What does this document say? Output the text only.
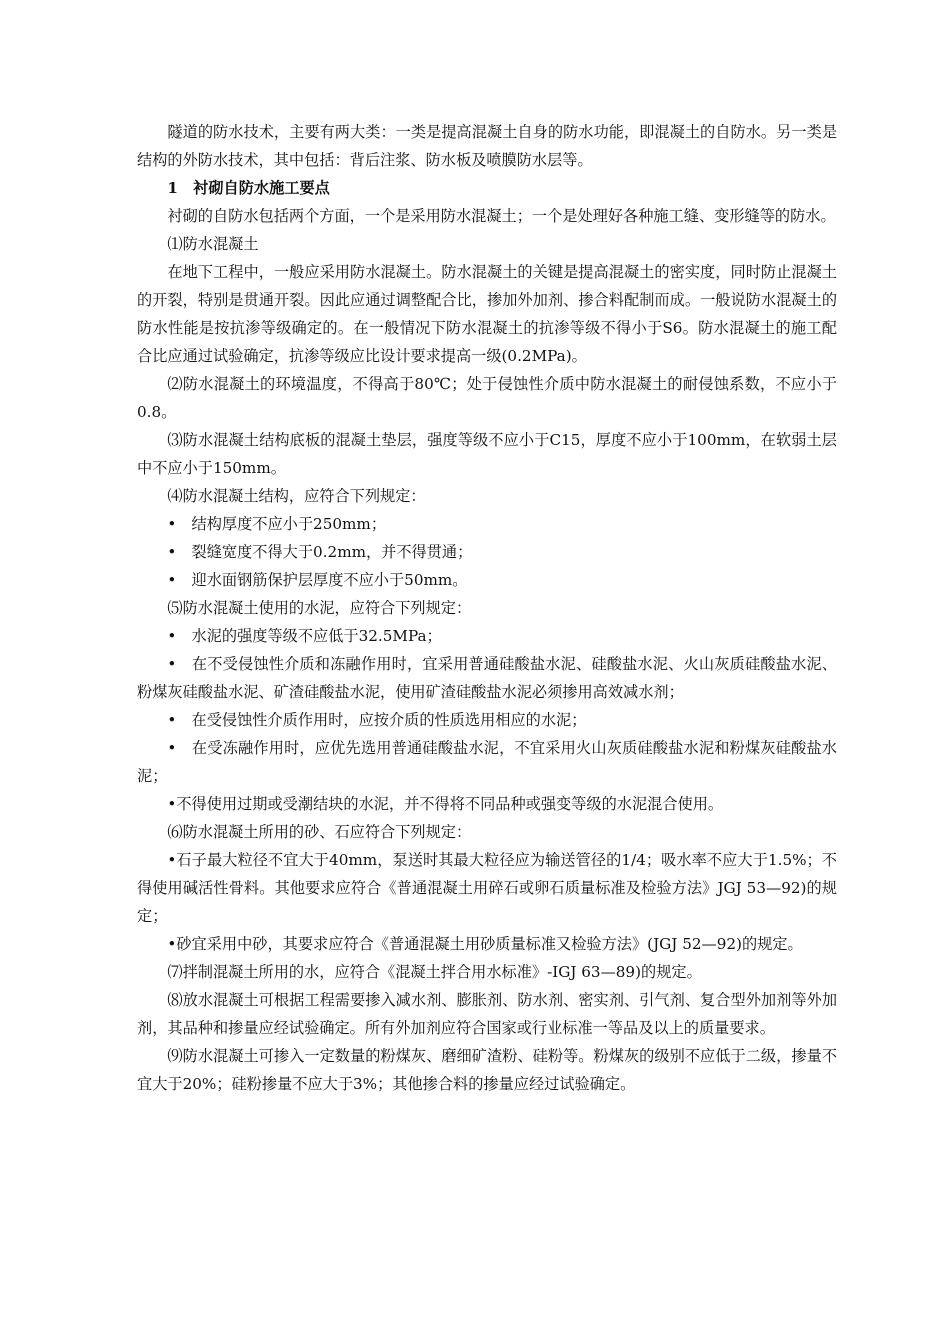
隧道的防水技术，主要有两大类：一类是提高混凝土自身的防水功能，即混凝土的自防水。另一类是结构的外防水技术，其中包括：背后注浆、防水板及喷膜防水层等。

1　衬砌自防水施工要点

衬砌的自防水包括两个方面，一个是采用防水混凝土；一个是处理好各种施工缝、变形缝等的防水。

⑴防水混凝土

在地下工程中，一般应采用防水混凝土。防水混凝土的关键是提高混凝土的密实度，同时防止混凝土的开裂，特别是贯通开裂。因此应通过调整配合比，掺加外加剂、掺合料配制而成。一般说防水混凝土的防水性能是按抗渗等级确定的。在一般情况下防水混凝土的抗渗等级不得小于S6。防水混凝土的施工配合比应通过试验确定，抗渗等级应比设计要求提高一级(0.2MPa)。

⑵防水混凝土的环境温度，不得高于80℃；处于侵蚀性介质中防水混凝土的耐侵蚀系数，不应小于0.8。

⑶防水混凝土结构底板的混凝土垫层，强度等级不应小于C15，厚度不应小于100mm，在软弱土层中不应小于150mm。

⑷防水混凝土结构，应符合下列规定：

•　结构厚度不应小于250mm；

•　裂缝宽度不得大于0.2mm，并不得贯通；

•　迎水面钢筋保护层厚度不应小于50mm。

⑸防水混凝土使用的水泥，应符合下列规定：

•　水泥的强度等级不应低于32.5MPa；

•　在不受侵蚀性介质和冻融作用时，宜采用普通硅酸盐水泥、硅酸盐水泥、火山灰质硅酸盐水泥、粉煤灰硅酸盐水泥、矿渣硅酸盐水泥，使用矿渣硅酸盐水泥必须掺用高效减水剂；

•　在受侵蚀性介质作用时，应按介质的性质选用相应的水泥；

•　在受冻融作用时，应优先选用普通硅酸盐水泥，不宜采用火山灰质硅酸盐水泥和粉煤灰硅酸盐水泥；

•不得使用过期或受潮结块的水泥，并不得将不同品种或强变等级的水泥混合使用。

⑹防水混凝土所用的砂、石应符合下列规定：

•石子最大粒径不宜大于40mm，泵送时其最大粒径应为输送管径的1/4；吸水率不应大于1.5%；不得使用碱活性骨料。其他要求应符合《普通混凝土用碎石或卵石质量标准及检验方法》JGJ 53—92)的规定；

•砂宜采用中砂，其要求应符合《普通混凝土用砂质量标准又检验方法》(JGJ 52—92)的规定。

⑺拌制混凝土所用的水，应符合《混凝土拌合用水标准》-IGJ 63—89)的规定。

⑻放水混凝土可根据工程需要掺入减水剂、膨胀剂、防水剂、密实剂、引气剂、复合型外加剂等外加剂，其品种和掺量应经试验确定。所有外加剂应符合国家或行业标准一等品及以上的质量要求。

⑼防水混凝土可掺入一定数量的粉煤灰、磨细矿渣粉、硅粉等。粉煤灰的级别不应低于二级，掺量不宜大于20%；硅粉掺量不应大于3%；其他掺合料的掺量应经过试验确定。
